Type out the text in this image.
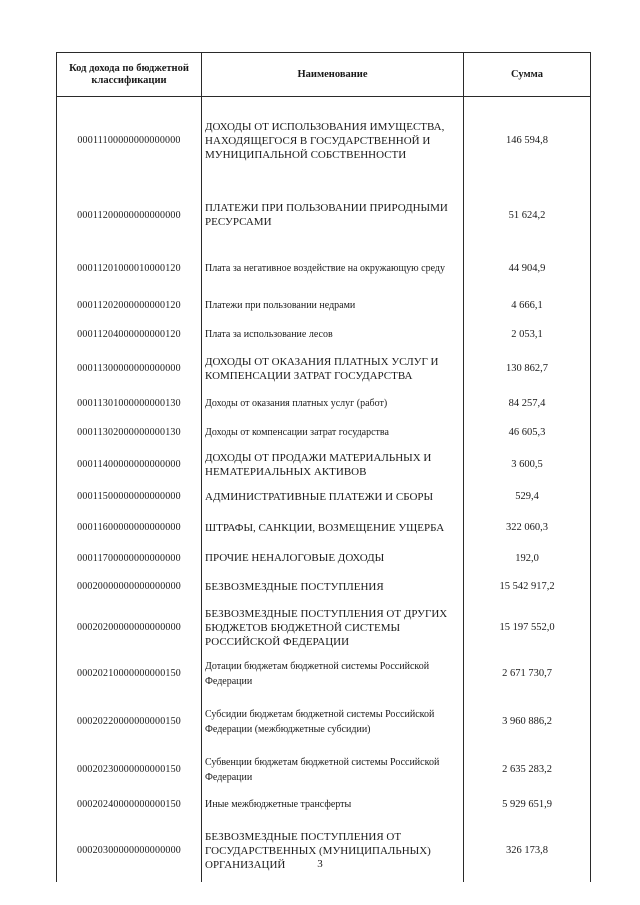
Код дохода по бюджетной классификации	Наименование	Сумма
00011100000000000000	ДОХОДЫ ОТ ИСПОЛЬЗОВАНИЯ ИМУЩЕСТВА, НАХОДЯЩЕГОСЯ В ГОСУДАРСТВЕННОЙ И МУНИЦИПАЛЬНОЙ СОБСТВЕННОСТИ	146 594,8
00011200000000000000	ПЛАТЕЖИ ПРИ ПОЛЬЗОВАНИИ ПРИРОДНЫМИ РЕСУРСАМИ	51 624,2
00011201000010000120	Плата за негативное воздействие на окружающую среду	44 904,9
00011202000000000120	Платежи при пользовании недрами	4 666,1
00011204000000000120	Плата за использование лесов	2 053,1
00011300000000000000	ДОХОДЫ ОТ ОКАЗАНИЯ ПЛАТНЫХ УСЛУГ И КОМПЕНСАЦИИ ЗАТРАТ ГОСУДАРСТВА	130 862,7
00011301000000000130	Доходы от оказания платных услуг (работ)	84 257,4
00011302000000000130	Доходы от компенсации затрат государства	46 605,3
00011400000000000000	ДОХОДЫ ОТ ПРОДАЖИ МАТЕРИАЛЬНЫХ И НЕМАТЕРИАЛЬНЫХ АКТИВОВ	3 600,5
00011500000000000000	АДМИНИСТРАТИВНЫЕ ПЛАТЕЖИ И СБОРЫ	529,4
00011600000000000000	ШТРАФЫ, САНКЦИИ, ВОЗМЕЩЕНИЕ УЩЕРБА	322 060,3
00011700000000000000	ПРОЧИЕ НЕНАЛОГОВЫЕ ДОХОДЫ	192,0
00020000000000000000	БЕЗВОЗМЕЗДНЫЕ ПОСТУПЛЕНИЯ	15 542 917,2
00020200000000000000	БЕЗВОЗМЕЗДНЫЕ ПОСТУПЛЕНИЯ ОТ ДРУГИХ БЮДЖЕТОВ БЮДЖЕТНОЙ СИСТЕМЫ РОССИЙСКОЙ ФЕДЕРАЦИИ	15 197 552,0
00020210000000000150	Дотации бюджетам бюджетной системы Российской Федерации	2 671 730,7
00020220000000000150	Субсидии бюджетам бюджетной системы Российской Федерации (межбюджетные субсидии)	3 960 886,2
00020230000000000150	Субвенции бюджетам бюджетной системы Российской Федерации	2 635 283,2
00020240000000000150	Иные межбюджетные трансферты	5 929 651,9
00020300000000000000	БЕЗВОЗМЕЗДНЫЕ ПОСТУПЛЕНИЯ ОТ ГОСУДАРСТВЕННЫХ (МУНИЦИПАЛЬНЫХ) ОРГАНИЗАЦИЙ	326 173,8
3
